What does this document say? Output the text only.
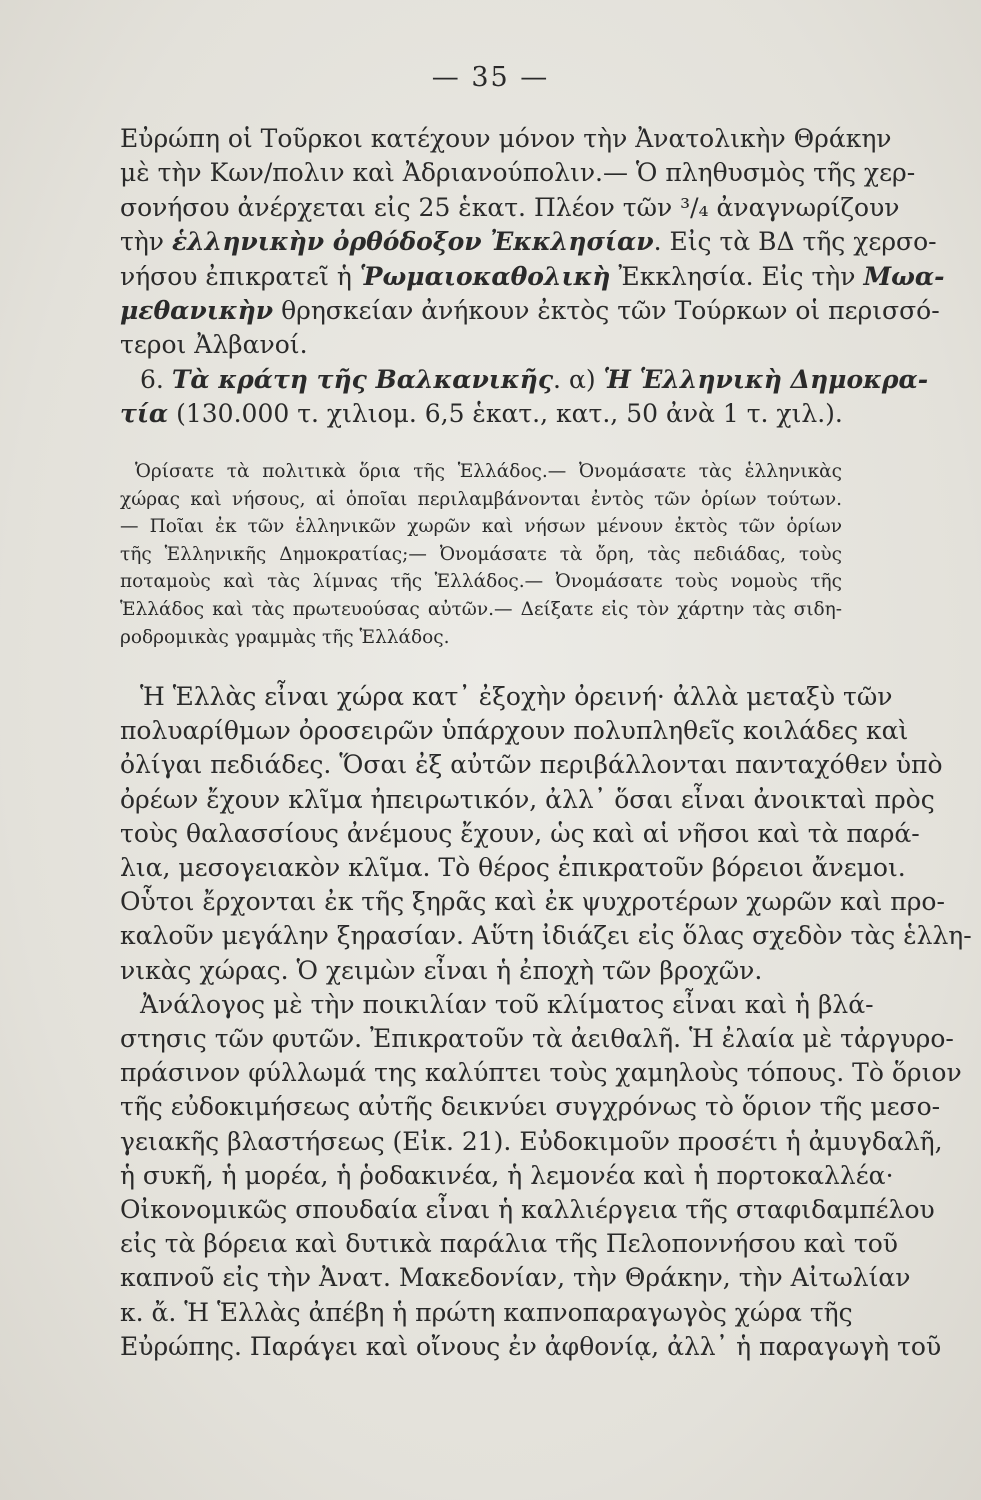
— 35 —
Εὐρώπη οἱ Τοῦρκοι κατέχουν μόνον τὴν Ἀνατολικὴν Θράκην
μὲ τὴν Κων/πολιν καὶ Ἀδριανούπολιν.— Ὁ πληθυσμὸς τῆς χερ-
σονήσου ἀνέρχεται εἰς 25 ἑκατ. Πλέον τῶν ³/₄ ἀναγνωρίζουν
τὴν ἑλληνικὴν ὀρθόδοξον Ἐκκλησίαν. Εἰς τὰ ΒΔ τῆς χερσο-
νήσου ἐπικρατεῖ ἡ Ῥωμαιοκαθολικὴ Ἐκκλησία. Εἰς τὴν Μωα-
μεθανικὴν θρησκείαν ἀνήκουν ἐκτὸς τῶν Τούρκων οἱ περισσό-
τεροι Ἀλβανοί.
6. Τὰ κράτη τῆς Βαλκανικῆς. α) Ἡ Ἑλληνικὴ Δημοκρα-
τία (130.000 τ. χιλιομ. 6,5 ἑκατ., κατ., 50 ἀνὰ 1 τ. χιλ.).
Ὁρίσατε τὰ πολιτικὰ ὅρια τῆς Ἑλλάδος.— Ὀνομάσατε τὰς ἑλληνικὰς
χώρας καὶ νήσους, αἱ ὁποῖαι περιλαμβάνονται ἐντὸς τῶν ὁρίων τούτων.
— Ποῖαι ἐκ τῶν ἑλληνικῶν χωρῶν καὶ νήσων μένουν ἐκτὸς τῶν ὁρίων
τῆς Ἑλληνικῆς Δημοκρατίας;— Ὀνομάσατε τὰ ὄρη, τὰς πεδιάδας, τοὺς
ποταμοὺς καὶ τὰς λίμνας τῆς Ἑλλάδος.— Ὀνομάσατε τοὺς νομοὺς τῆς
Ἑλλάδος καὶ τὰς πρωτευούσας αὐτῶν.— Δείξατε εἰς τὸν χάρτην τὰς σιδη-
ροδρομικὰς γραμμὰς τῆς Ἑλλάδος.
Ἡ Ἑλλὰς εἶναι χώρα κατ᾿ ἐξοχὴν ὀρεινή· ἀλλὰ μεταξὺ τῶν
πολυαρίθμων ὀροσειρῶν ὑπάρχουν πολυπληθεῖς κοιλάδες καὶ
ὀλίγαι πεδιάδες. Ὅσαι ἐξ αὐτῶν περιβάλλονται πανταχόθεν ὑπὸ
ὀρέων ἔχουν κλῖμα ἠπειρωτικόν, ἀλλ᾿ ὅσαι εἶναι ἀνοικταὶ πρὸς
τοὺς θαλασσίους ἀνέμους ἔχουν, ὡς καὶ αἱ νῆσοι καὶ τὰ παρά-
λια, μεσογειακὸν κλῖμα. Τὸ θέρος ἐπικρατοῦν βόρειοι ἄνεμοι.
Οὗτοι ἔρχονται ἐκ τῆς ξηρᾶς καὶ ἐκ ψυχροτέρων χωρῶν καὶ προ-
καλοῦν μεγάλην ξηρασίαν. Αὕτη ἰδιάζει εἰς ὅλας σχεδὸν τὰς ἑλλη-
νικὰς χώρας. Ὁ χειμὼν εἶναι ἡ ἐποχὴ τῶν βροχῶν.
Ἀνάλογος μὲ τὴν ποικιλίαν τοῦ κλίματος εἶναι καὶ ἡ βλά-
στησις τῶν φυτῶν. Ἐπικρατοῦν τὰ ἀειθαλῆ. Ἡ ἐλαία μὲ τἀργυρο-
πράσινον φύλλωμά της καλύπτει τοὺς χαμηλοὺς τόπους. Τὸ ὅριον
τῆς εὐδοκιμήσεως αὐτῆς δεικνύει συγχρόνως τὸ ὅριον τῆς μεσο-
γειακῆς βλαστήσεως (Εἰκ. 21). Εὐδοκιμοῦν προσέτι ἡ ἀμυγδαλῆ,
ἡ συκῆ, ἡ μορέα, ἡ ῥοδακινέα, ἡ λεμονέα καὶ ἡ πορτοκαλλέα·
Οἰκονομικῶς σπουδαία εἶναι ἡ καλλιέργεια τῆς σταφιδαμπέλου
εἰς τὰ βόρεια καὶ δυτικὰ παράλια τῆς Πελοποννήσου καὶ τοῦ
καπνοῦ εἰς τὴν Ἀνατ. Μακεδονίαν, τὴν Θράκην, τὴν Αἰτωλίαν
κ. ἄ. Ἡ Ἑλλὰς ἀπέβη ἡ πρώτη καπνοπαραγωγὸς χώρα τῆς
Εὐρώπης. Παράγει καὶ οἴνους ἐν ἀφθονίᾳ, ἀλλ᾿ ἡ παραγωγὴ τοῦ
